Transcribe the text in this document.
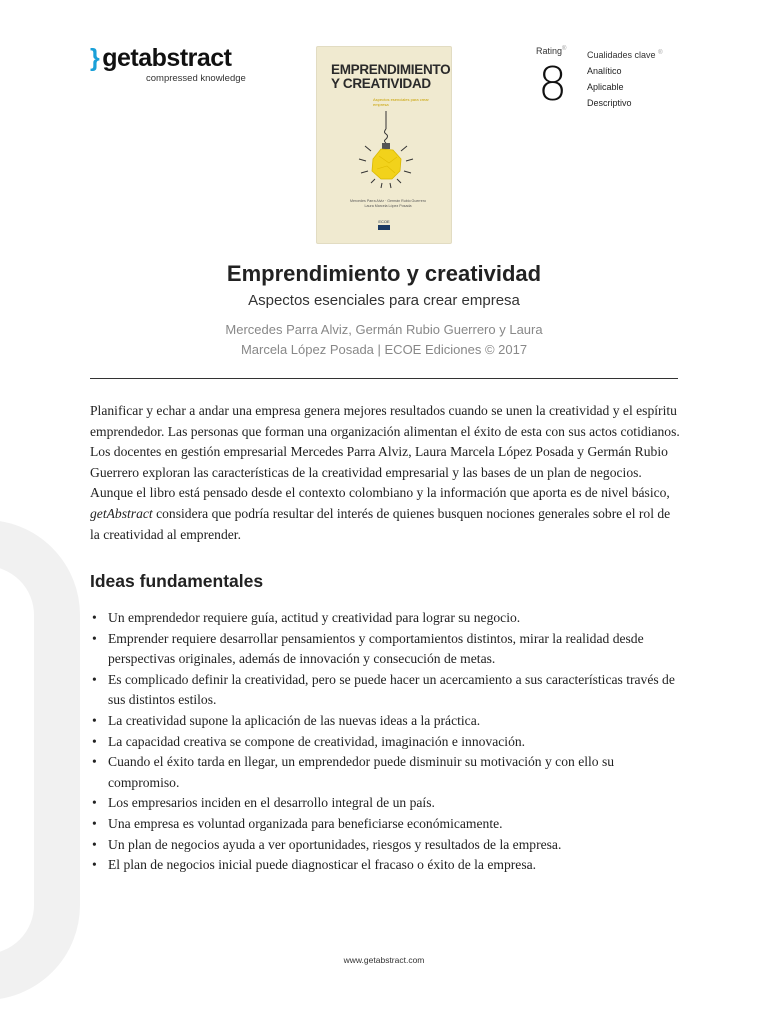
} getabstract
compressed knowledge
EMPRENDIMIENTO
Y CREATIVIDAD
Aspectos esenciales para crear empresa
Mercedes Parra Alviz · Germán Rubio Guerrero
Laura Marcela López Posada
ECOE
Rating®
8
Cualidades clave ®
Analítico
Aplicable
Descriptivo
Emprendimiento y creatividad
Aspectos esenciales para crear empresa
Mercedes Parra Alviz, Germán Rubio Guerrero y Laura
Marcela López Posada | ECOE Ediciones © 2017

Planificar y echar a andar una empresa genera mejores resultados cuando se unen la creatividad y el espíritu emprendedor. Las personas que forman una organización alimentan el éxito de esta con sus actos cotidianos. Los docentes en gestión empresarial Mercedes Parra Alviz, Laura Marcela López Posada y Germán Rubio Guerrero exploran las características de la creatividad empresarial y las bases de un plan de negocios. Aunque el libro está pensado desde el contexto colombiano y la información que aporta es de nivel básico, getAbstract considera que podría resultar del interés de quienes busquen nociones generales sobre el rol de la creatividad al emprender.

Ideas fundamentales
• Un emprendedor requiere guía, actitud y creatividad para lograr su negocio.
• Emprender requiere desarrollar pensamientos y comportamientos distintos, mirar la realidad desde perspectivas originales, además de innovación y consecución de metas.
• Es complicado definir la creatividad, pero se puede hacer un acercamiento a sus características través de sus distintos estilos.
• La creatividad supone la aplicación de las nuevas ideas a la práctica.
• La capacidad creativa se compone de creatividad, imaginación e innovación.
• Cuando el éxito tarda en llegar, un emprendedor puede disminuir su motivación y con ello su compromiso.
• Los empresarios inciden en el desarrollo integral de un país.
• Una empresa es voluntad organizada para beneficiarse económicamente.
• Un plan de negocios ayuda a ver oportunidades, riesgos y resultados de la empresa.
• El plan de negocios inicial puede diagnosticar el fracaso o éxito de la empresa.
www.getabstract.com
